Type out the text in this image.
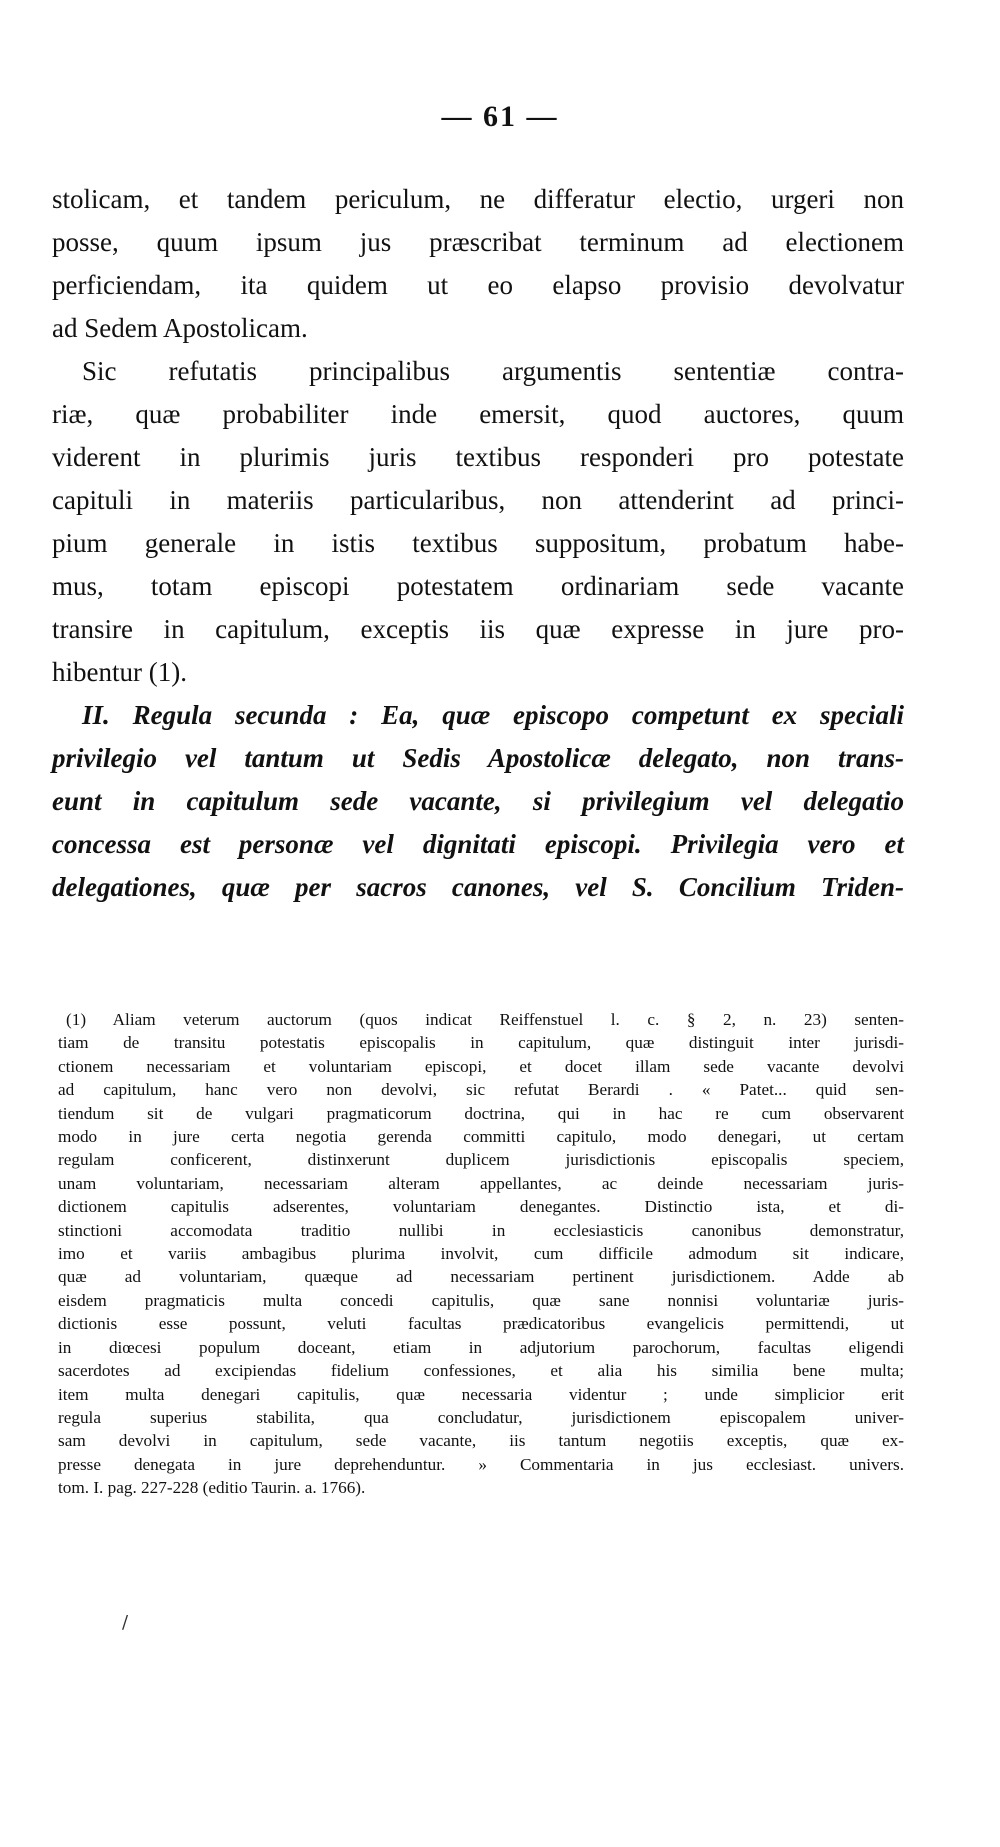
— 61 —
stolicam, et tandem periculum, ne differatur electio, urgeri non
posse, quum ipsum jus præscribat terminum ad electionem
perficiendam, ita quidem ut eo elapso provisio devolvatur
ad Sedem Apostolicam.
Sic refutatis principalibus argumentis sententiæ contra-
riæ, quæ probabiliter inde emersit, quod auctores, quum
viderent in plurimis juris textibus responderi pro potestate
capituli in materiis particularibus, non attenderint ad princi-
pium generale in istis textibus suppositum, probatum habe-
mus, totam episcopi potestatem ordinariam sede vacante
transire in capitulum, exceptis iis quæ expresse in jure pro-
hibentur (1).
II. Regula secunda : Ea, quæ episcopo competunt ex speciali
privilegio vel tantum ut Sedis Apostolicæ delegato, non trans-
eunt in capitulum sede vacante, si privilegium vel delegatio
concessa est personæ vel dignitati episcopi. Privilegia vero et
delegationes, quæ per sacros canones, vel S. Concilium Triden-
(1) Aliam veterum auctorum (quos indicat Reiffenstuel l. c. § 2, n. 23) senten-
tiam de transitu potestatis episcopalis in capitulum, quæ distinguit inter jurisdi-
ctionem necessariam et voluntariam episcopi, et docet illam sede vacante devolvi
ad capitulum, hanc vero non devolvi, sic refutat Berardi . « Patet... quid sen-
tiendum sit de vulgari pragmaticorum doctrina, qui in hac re cum observarent
modo in jure certa negotia gerenda committi capitulo, modo denegari, ut certam
regulam conficerent, distinxerunt duplicem jurisdictionis episcopalis speciem,
unam voluntariam, necessariam alteram appellantes, ac deinde necessariam juris-
dictionem capitulis adserentes, voluntariam denegantes. Distinctio ista, et di-
stinctioni accomodata traditio nullibi in ecclesiasticis canonibus demonstratur,
imo et variis ambagibus plurima involvit, cum difficile admodum sit indicare,
quæ ad voluntariam, quæque ad necessariam pertinent jurisdictionem. Adde ab
eisdem pragmaticis multa concedi capitulis, quæ sane nonnisi voluntariæ juris-
dictionis esse possunt, veluti facultas prædicatoribus evangelicis permittendi, ut
in diœcesi populum doceant, etiam in adjutorium parochorum, facultas eligendi
sacerdotes ad excipiendas fidelium confessiones, et alia his similia bene multa;
item multa denegari capitulis, quæ necessaria videntur ; unde simplicior erit
regula superius stabilita, qua concludatur, jurisdictionem episcopalem univer-
sam devolvi in capitulum, sede vacante, iis tantum negotiis exceptis, quæ ex-
presse denegata in jure deprehenduntur. » Commentaria in jus ecclesiast. univers.
tom. I. pag. 227-228 (editio Taurin. a. 1766).
/
